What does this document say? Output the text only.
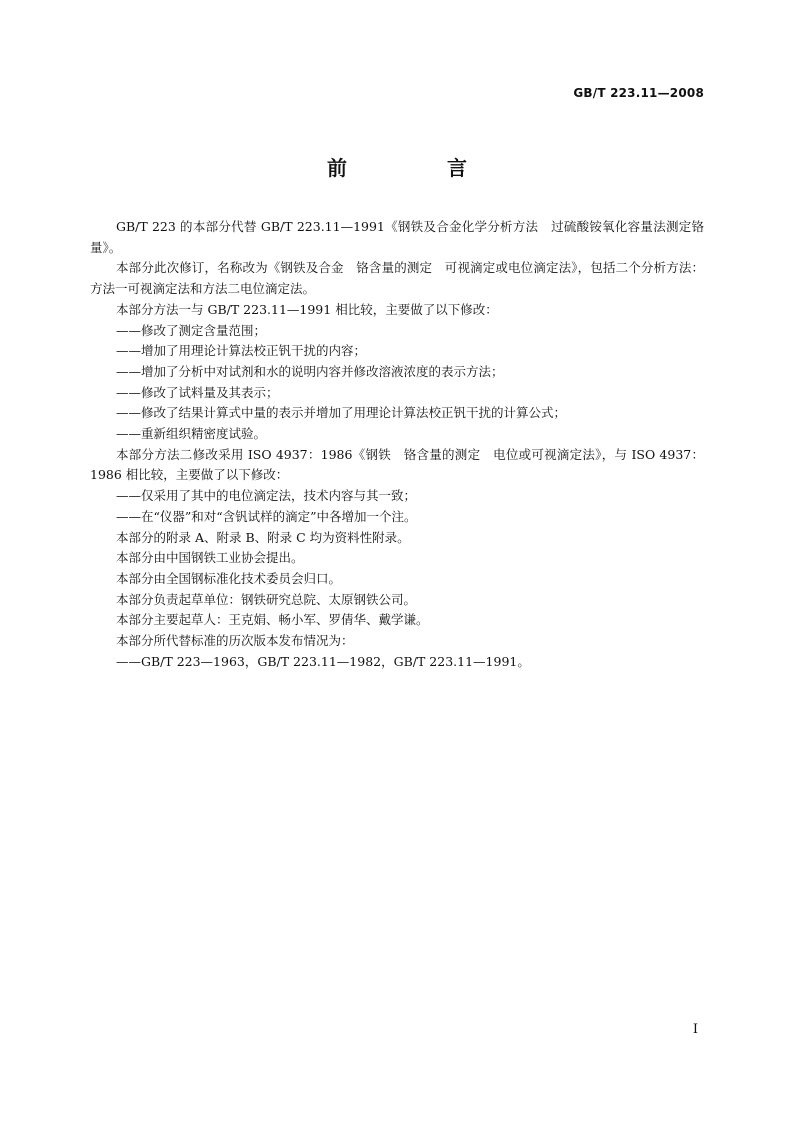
GB/T 223.11—2008
前　言

GB/T 223 的本部分代替 GB/T 223.11—1991《钢铁及合金化学分析方法　过硫酸铵氧化容量法测定铬量》。

本部分此次修订，名称改为《钢铁及合金　铬含量的测定　可视滴定或电位滴定法》，包括二个分析方法：方法一可视滴定法和方法二电位滴定法。

本部分方法一与 GB/T 223.11—1991 相比较，主要做了以下修改：

——修改了测定含量范围；

——增加了用理论计算法校正钒干扰的内容；

——增加了分析中对试剂和水的说明内容并修改溶液浓度的表示方法；

——修改了试料量及其表示；

——修改了结果计算式中量的表示并增加了用理论计算法校正钒干扰的计算公式；

——重新组织精密度试验。

本部分方法二修改采用 ISO 4937：1986《钢铁　铬含量的测定　电位或可视滴定法》，与 ISO 4937：1986 相比较，主要做了以下修改：

——仅采用了其中的电位滴定法，技术内容与其一致；

——在“仪器”和对“含钒试样的滴定”中各增加一个注。

本部分的附录 A、附录 B、附录 C 均为资料性附录。

本部分由中国钢铁工业协会提出。

本部分由全国钢标准化技术委员会归口。

本部分负责起草单位：钢铁研究总院、太原钢铁公司。

本部分主要起草人：王克娟、畅小军、罗倩华、戴学谦。

本部分所代替标准的历次版本发布情况为：

——GB/T 223—1963，GB/T 223.11—1982，GB/T 223.11—1991。

I
